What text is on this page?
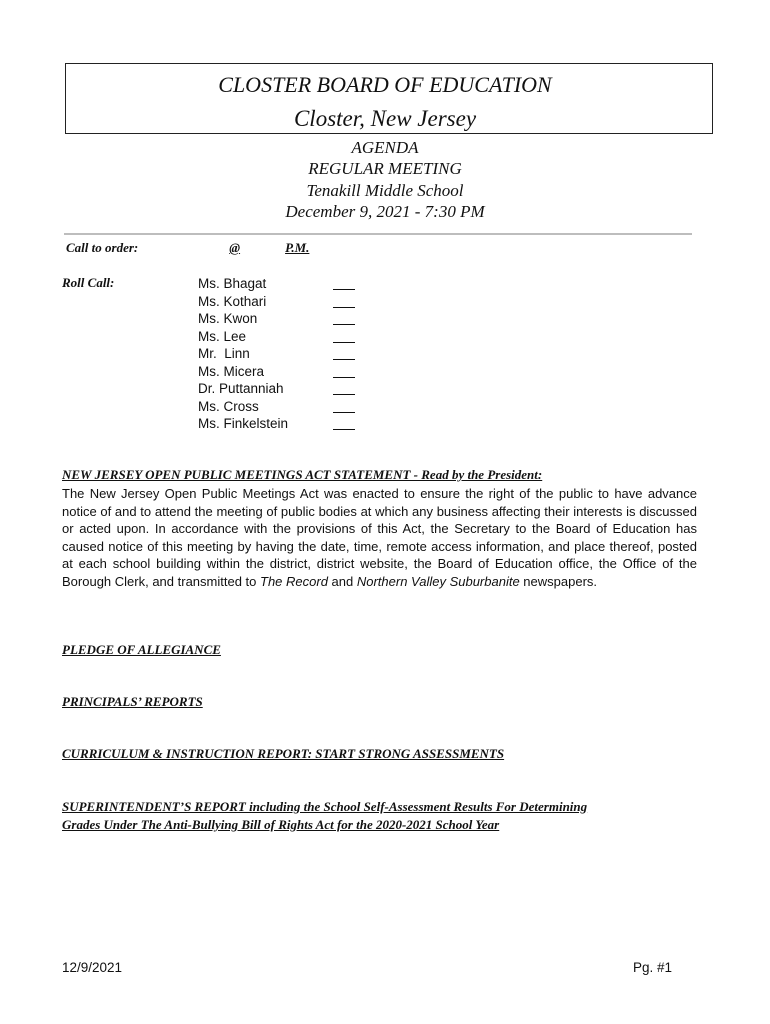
CLOSTER BOARD OF EDUCATION
Closter, New Jersey
AGENDA
REGULAR MEETING
Tenakill Middle School
December 9, 2021 - 7:30 PM
Call to order:	@	P.M.
Roll Call:	Ms. Bhagat
Ms. Kothari
Ms. Kwon
Ms. Lee
Mr.  Linn
Ms. Micera
Dr. Puttanniah
Ms. Cross
Ms. Finkelstein
NEW JERSEY OPEN PUBLIC MEETINGS ACT STATEMENT - Read by the President:
The New Jersey Open Public Meetings Act was enacted to ensure the right of the public to have advance notice of and to attend the meeting of public bodies at which any business affecting their interests is discussed or acted upon. In accordance with the provisions of this Act, the Secretary to the Board of Education has caused notice of this meeting by having the date, time, remote access information, and place thereof, posted at each school building within the district, district website, the Board of Education office, the Office of the Borough Clerk, and transmitted to The Record and Northern Valley Suburbanite newspapers.
PLEDGE OF ALLEGIANCE
PRINCIPALS’ REPORTS
CURRICULUM & INSTRUCTION REPORT: START STRONG ASSESSMENTS
SUPERINTENDENT’S REPORT including the School Self-Assessment Results For Determining
Grades Under The Anti-Bullying Bill of Rights Act for the 2020-2021 School Year
12/9/2021	Pg. #1
